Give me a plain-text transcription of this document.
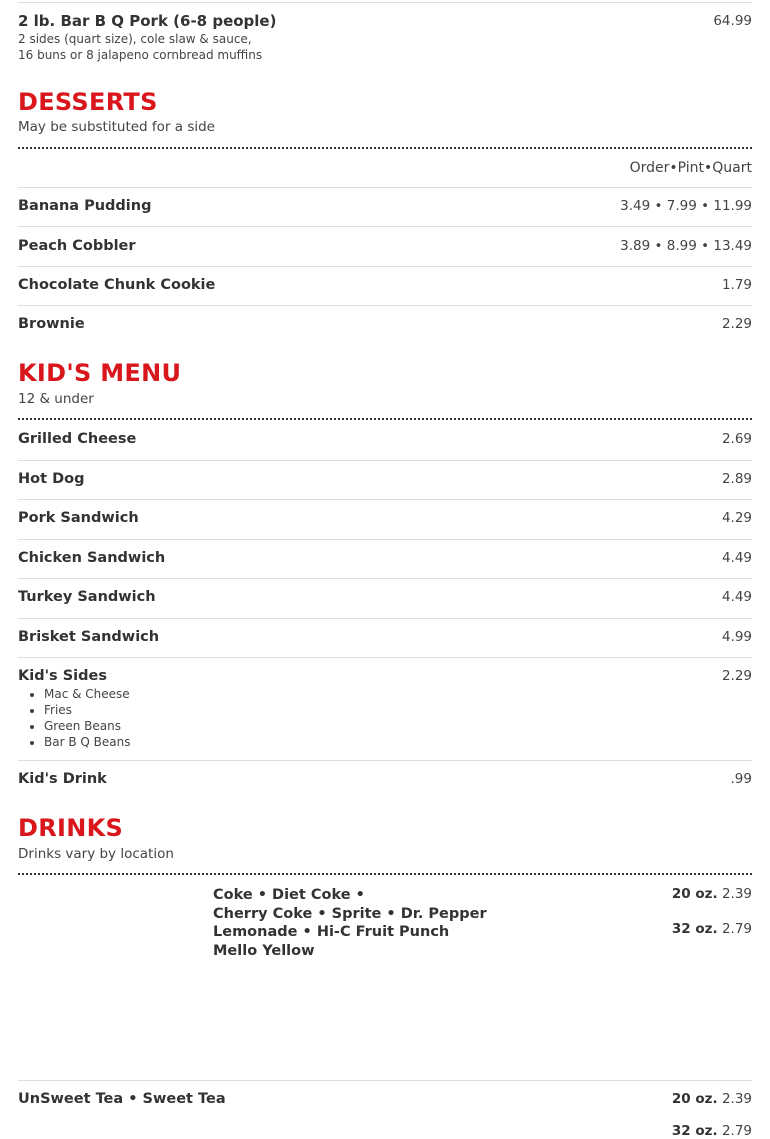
2 lb. Bar B Q Pork (6-8 people)	64.99
2 sides (quart size), cole slaw & sauce,
16 buns or 8 jalapeno cornbread muffins
DESSERTS
May be substituted for a side
Order•Pint•Quart
Banana Pudding	3.49 • 7.99 • 11.99
Peach Cobbler	3.89 • 8.99 • 13.49
Chocolate Chunk Cookie	1.79
Brownie	2.29
KID'S MENU
12 & under
Grilled Cheese	2.69
Hot Dog	2.89
Pork Sandwich	4.29
Chicken Sandwich	4.49
Turkey Sandwich	4.49
Brisket Sandwich	4.99
Kid's Sides	2.29
• Mac & Cheese
• Fries
• Green Beans
• Bar B Q Beans
Kid's Drink	.99
DRINKS
Drinks vary by location
Coke • Diet Coke •
Cherry Coke • Sprite • Dr. Pepper
Lemonade • Hi-C Fruit Punch
Mello Yellow
20 oz. 2.39
32 oz. 2.79
UnSweet Tea • Sweet Tea	20 oz. 2.39
32 oz. 2.79
